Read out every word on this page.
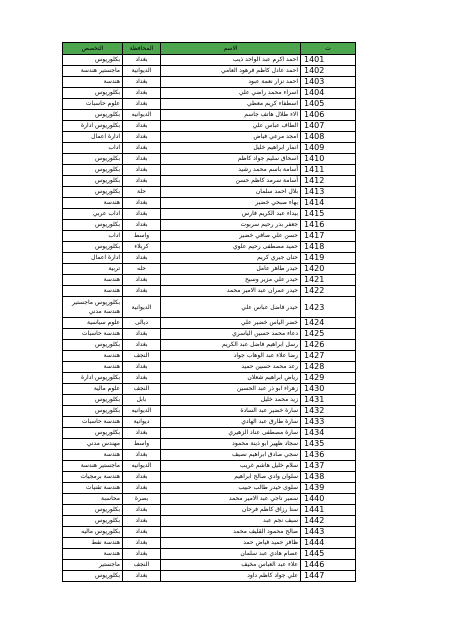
التخصص	المحافظة	الاسم	ت
بكلوريوس	بغداد	احمد اكرم عبد الواحد ذيب	1401
ماجستير هندسة	الديوانية	احمد عادل كاظم فرهود العامي	1402
هندسة	بغداد	احمد نزار نعمة عبود	1403
بكلوريوس	بغداد	اسراء محمد راضي علي	1404
علوم حاسبات	بغداد	اسطفاء كريم معطي	1405
بكلوريوس	الديوانيه	الاء طلال هاتف جاسم	1406
بكلوريوس ادارة	بغداد	الطاف عباس علي	1407
ادارة اعمال	بغداد	امجد مرعي فياض	1408
اداب	بغداد	انمار ابراهيم خليل	1409
بكلوريوس	بغداد	اسحاق سليم جواد كاظم	1410
بكلوريوس	بغداد	أسامة باسم محمد رشيد	1411
بكلوريوس	بغداد	أسامة سرمد كاظم حسن	1412
بكلوريوس	حلة	بلال احمد سلمان	1413
هندسة	بغداد	بهاء صبحي خضير	1414
اداب عربي	بغداد	بيداء عبد الكريم فارس	1415
بكلوريوس	بغداد	جعفر بدر رحيم سربوت	1416
اداب	واسط	حسن علي صافي خضير	1417
بكلوريوس	كربلاء	حميد مصطفى رحيم علوي	1418
ادارة اعمال	بغداد	حنان جبري كريم	1419
تربية	حله	حيدر طاهر عامل	1420
هندسة	بغداد	حيدر علي مزير وسيح	1421
هندسة	بغداد	حيدر عمران عبد الامير محمد	1422
بكلوريوس ماجستير هندسة مدني	الديوانية	حيدر فاضل عباس علي	1423
علوم سياسية	ديالى	خضر الياس خضير علي	1424
هندسة حاسبات	بغداد	دعاء محمد حسين الياسري	1425
بكلوريوس	بغداد	رسل ابراهيم فاضل عبد الكريم	1426
هندسة	النجف	رضا علاء عبد الوهاب جواد	1427
هندسة	بغداد	رعد محمد حسين حميد	1428
بكلوريوس ادارة	بغداد	رياض ابراهيم شعلان	1429
علوم مالية	النجف	زهراء ابو ذر عبد الحسين	1430
بكلوريوس	بابل	زيد محمد خليل	1431
بكلوريوس	الديوانيه	سارة خضير عبد السادة	1432
هندسة حاسبات	ديوانية	سارة طارق عبد الهادي	1433
بكلوريوس	بغداد	سارة مصطفى عناد الزهيري	1434
مهندس مدني	واسط	سجاد ظهير ابو ذينة محمود	1435
هندسة	بغداد	سجي صادق ابراهيم نصيف	1436
ماجستير هندسة	الديوانيه	سلام خليل هاشم غريب	1437
هندسة برمجيات	بغداد	سلوان وادي صالح ابراهيم	1438
هندسة تقنيات	بغداد	سلوى حيدر طالب حبيب	1439
محاسبة	بصرة	سمير ناجي عبد الامير محمد	1440
بكلوريوس	بغداد	سنا رزاق كاظم فرحان	1441
بكلوريوس	بغداد	سيف نجم عبد	1442
بكلوريوس ماليه	بغداد	صالح محمود القليف محمد	1443
هندسة نفط	بغداد	ظافر حميد فياض حمد	1444
هندسة	بغداد	عصام هادي عبد سلمان	1445
ماجستير	النجف	علاء عبد العباس مخيف	1446
بكلوريوس	بغداد	علي جواد كاظم داود	1447
